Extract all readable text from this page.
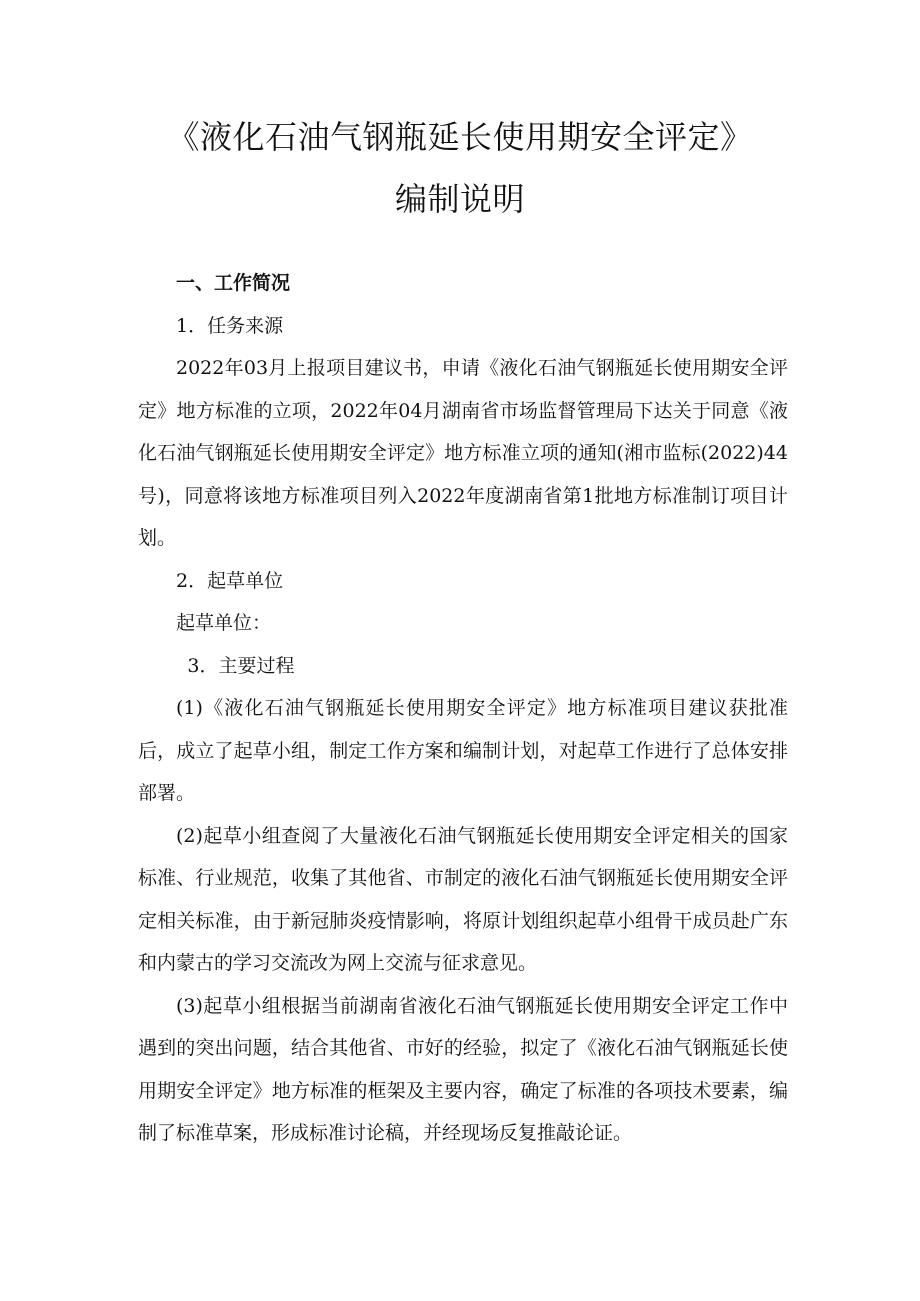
《液化石油气钢瓶延长使用期安全评定》
编制说明

一、工作简况

1．任务来源

2022年03月上报项目建议书，申请《液化石油气钢瓶延长使用期安全评定》地方标准的立项，2022年04月湖南省市场监督管理局下达关于同意《液化石油气钢瓶延长使用期安全评定》地方标准立项的通知(湘市监标(2022)44号)，同意将该地方标准项目列入2022年度湖南省第1批地方标准制订项目计划。

2．起草单位

起草单位：

3．主要过程

(1)《液化石油气钢瓶延长使用期安全评定》地方标准项目建议获批准后，成立了起草小组，制定工作方案和编制计划，对起草工作进行了总体安排部署。

(2)起草小组查阅了大量液化石油气钢瓶延长使用期安全评定相关的国家标准、行业规范，收集了其他省、市制定的液化石油气钢瓶延长使用期安全评定相关标准，由于新冠肺炎疫情影响，将原计划组织起草小组骨干成员赴广东和内蒙古的学习交流改为网上交流与征求意见。

(3)起草小组根据当前湖南省液化石油气钢瓶延长使用期安全评定工作中遇到的突出问题，结合其他省、市好的经验，拟定了《液化石油气钢瓶延长使用期安全评定》地方标准的框架及主要内容，确定了标准的各项技术要素，编制了标准草案，形成标准讨论稿，并经现场反复推敲论证。
